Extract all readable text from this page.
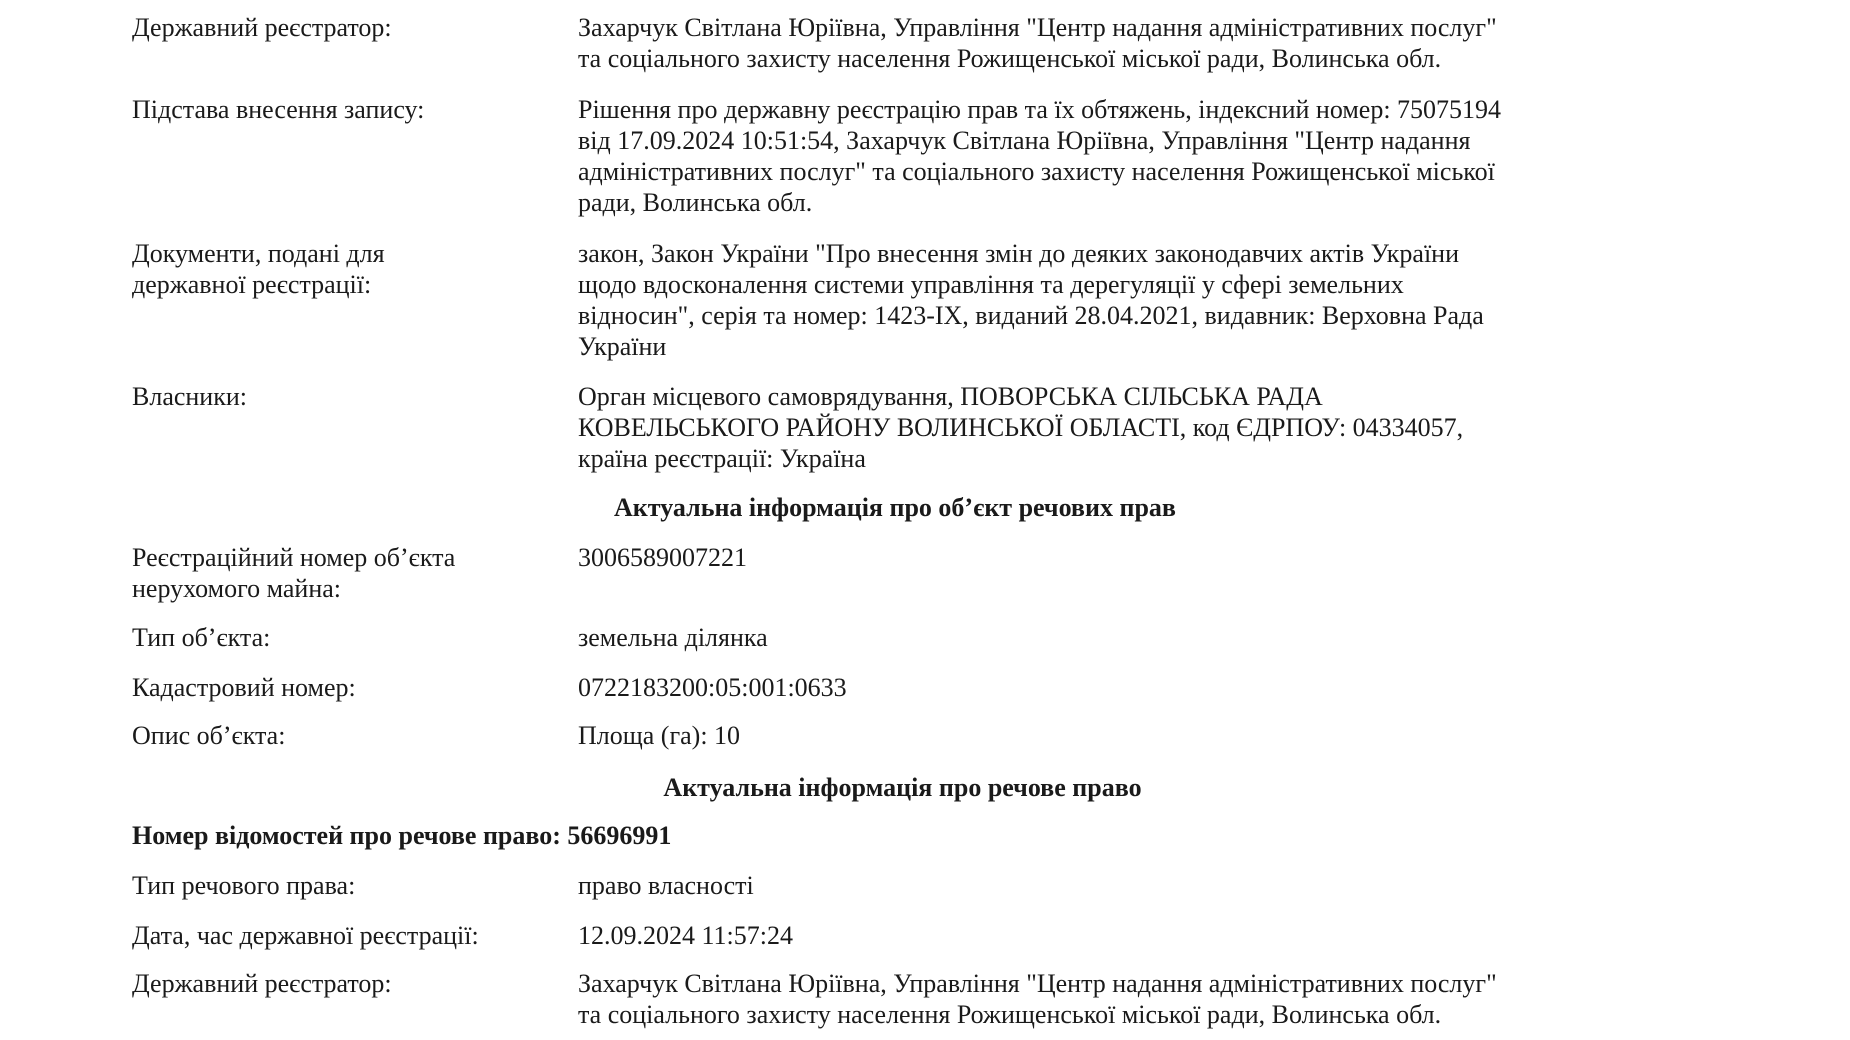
Державний реєстратор:	Захарчук Світлана Юріївна, Управління "Центр надання адміністративних послуг"
та соціального захисту населення Рожищенської міської ради, Волинська обл.
Підстава внесення запису:	Рішення про державну реєстрацію прав та їх обтяжень, індексний номер: 75075194
від 17.09.2024 10:51:54, Захарчук Світлана Юріївна, Управління "Центр надання
адміністративних послуг" та соціального захисту населення Рожищенської міської
ради, Волинська обл.
Документи, подані для
державної реєстрації:
закон, Закон України "Про внесення змін до деяких законодавчих актів України
щодо вдосконалення системи управління та дерегуляції у сфері земельних
відносин", серія та номер: 1423-IX, виданий 28.04.2021, видавник: Верховна Рада
України
Власники:	Орган місцевого самоврядування, ПОВОРСЬКА СІЛЬСЬКА РАДА
КОВЕЛЬСЬКОГО РАЙОНУ ВОЛИНСЬКОЇ ОБЛАСТІ, код ЄДРПОУ: 04334057,
країна реєстрації: Україна
Актуальна інформація про об’єкт речових прав
Реєстраційний номер об’єкта
нерухомого майна:
3006589007221
Тип об’єкта:	земельна ділянка
Кадастровий номер:	0722183200:05:001:0633
Опис об’єкта:	Площа (га): 10
Актуальна інформація про речове право
Номер відомостей про речове право: 56696991
Тип речового права:	право власності
Дата, час державної реєстрації:	12.09.2024 11:57:24
Державний реєстратор:	Захарчук Світлана Юріївна, Управління "Центр надання адміністративних послуг"
та соціального захисту населення Рожищенської міської ради, Волинська обл.
